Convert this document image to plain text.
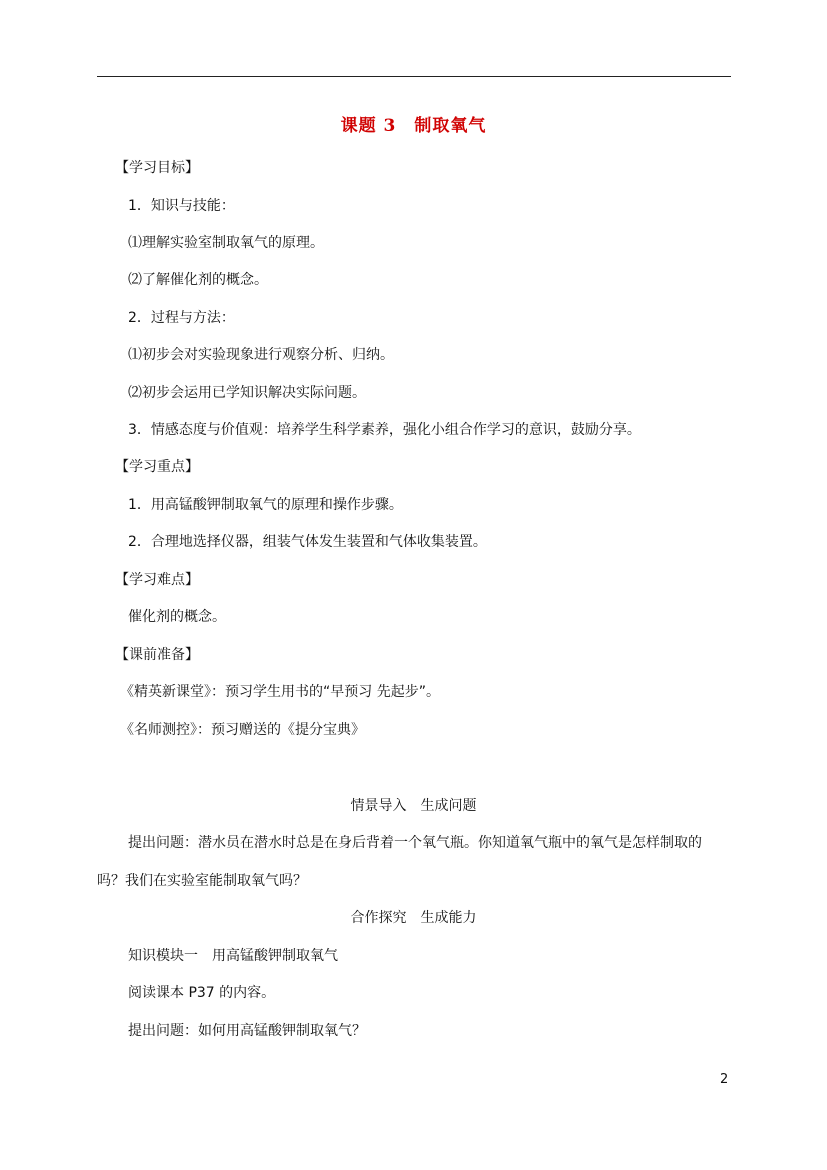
课题 3　制取氧气
【学习目标】
1．知识与技能：
⑴理解实验室制取氧气的原理。
⑵了解催化剂的概念。
2．过程与方法：
⑴初步会对实验现象进行观察分析、归纳。
⑵初步会运用已学知识解决实际问题。
3．情感态度与价值观：培养学生科学素养，强化小组合作学习的意识，鼓励分享。
【学习重点】
1．用高锰酸钾制取氧气的原理和操作步骤。
2．合理地选择仪器，组装气体发生装置和气体收集装置。
【学习难点】
催化剂的概念。
【课前准备】
《精英新课堂》：预习学生用书的“早预习 先起步”。
《名师测控》：预习赠送的《提分宝典》
情景导入　生成问题
提出问题：潜水员在潜水时总是在身后背着一个氧气瓶。你知道氧气瓶中的氧气是怎样制取的
吗？我们在实验室能制取氧气吗？
合作探究　生成能力
知识模块一　用高锰酸钾制取氧气
阅读课本 P37 的内容。
提出问题：如何用高锰酸钾制取氧气？
2
